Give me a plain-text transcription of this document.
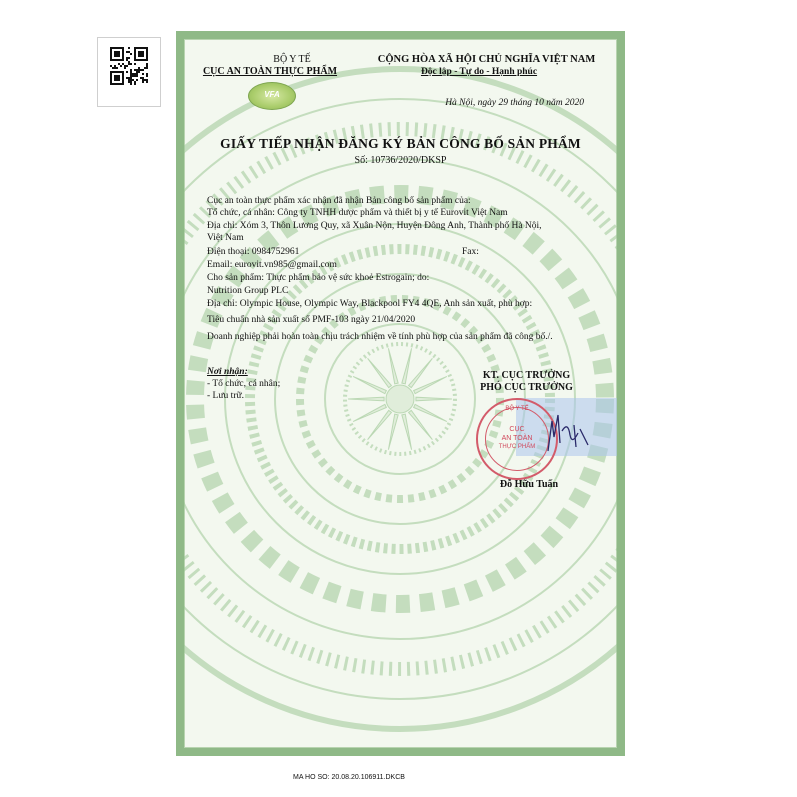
BỘ Y TẾ
CỤC AN TOÀN THỰC PHẨM
VFA
CỘNG HÒA XÃ HỘI CHỦ NGHĨA VIỆT NAM
Độc lập - Tự do - Hạnh phúc
Hà Nội, ngày 29 tháng 10 năm 2020
GIẤY TIẾP NHẬN ĐĂNG KÝ BẢN CÔNG BỐ SẢN PHẨM
Số: 10736/2020/DKSP
Cục an toàn thực phẩm xác nhận đã nhận Bản công bố sản phẩm của:
Tổ chức, cá nhân: Công ty TNHH dược phẩm và thiết bị y tế Eurovit Việt Nam
Địa chỉ: Xóm 3, Thôn Lương Quy, xã Xuân Nộn, Huyện Đông Anh, Thành phố Hà Nội,
Việt Nam
Điện thoại: 0984752961	Fax:
Email: eurovit.vn985@gmail.com
Cho sản phẩm: Thực phẩm bảo vệ sức khoẻ Estrogain; do:
Nutrition Group PLC
Địa chỉ: Olympic House, Olympic Way, Blackpool FY4 4QE, Anh sản xuất, phù hợp:
Tiêu chuẩn nhà sản xuất số PMF-103 ngày 21/04/2020
Doanh nghiệp phải hoàn toàn chịu trách nhiệm về tính phù hợp của sản phẩm đã công bố./.
Nơi nhận:
- Tổ chức, cá nhân;
- Lưu trữ.
KT. CỤC TRƯỞNG
PHÓ CỤC TRƯỞNG
BỘ Y TẾ
CỤC
AN TOÀN
THỰC PHẨM
Đỗ Hữu Tuấn
MA HO SO: 20.08.20.106911.DKCB
